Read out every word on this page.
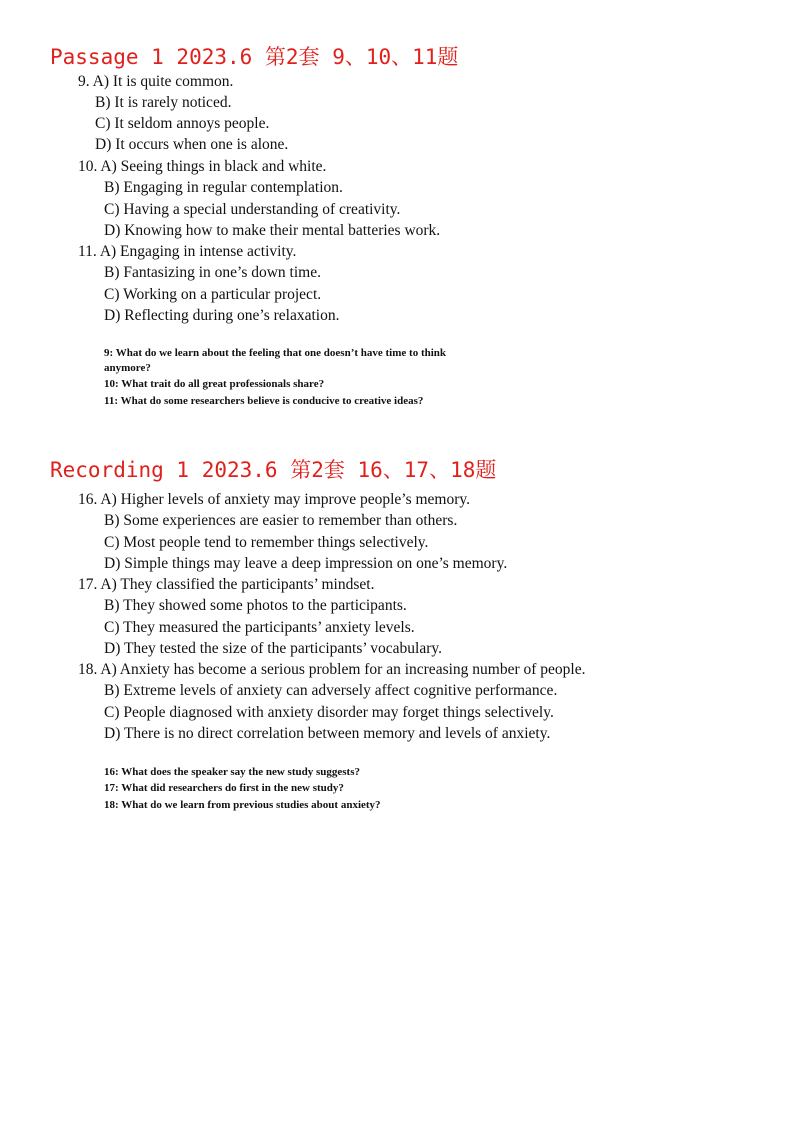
Passage 1 2023.6 第2套 9、10、11题
9. A) It is quite common.
B) It is rarely noticed.
C) It seldom annoys people.
D) It occurs when one is alone.
10. A) Seeing things in black and white.
B) Engaging in regular contemplation.
C) Having a special understanding of creativity.
D) Knowing how to make their mental batteries work.
11. A) Engaging in intense activity.
B) Fantasizing in one’s down time.
C) Working on a particular project.
D) Reflecting during one’s relaxation.
9: What do we learn about the feeling that one doesn’t have time to think
anymore?
10: What trait do all great professionals share?
11: What do some researchers believe is conducive to creative ideas?
Recording 1 2023.6 第2套 16、17、18题
16. A) Higher levels of anxiety may improve people’s memory.
B) Some experiences are easier to remember than others.
C) Most people tend to remember things selectively.
D) Simple things may leave a deep impression on one’s memory.
17. A) They classified the participants’ mindset.
B) They showed some photos to the participants.
C) They measured the participants’ anxiety levels.
D) They tested the size of the participants’ vocabulary.
18. A) Anxiety has become a serious problem for an increasing number of people.
B) Extreme levels of anxiety can adversely affect cognitive performance.
C) People diagnosed with anxiety disorder may forget things selectively.
D) There is no direct correlation between memory and levels of anxiety.
16: What does the speaker say the new study suggests?
17: What did researchers do first in the new study?
18: What do we learn from previous studies about anxiety?
